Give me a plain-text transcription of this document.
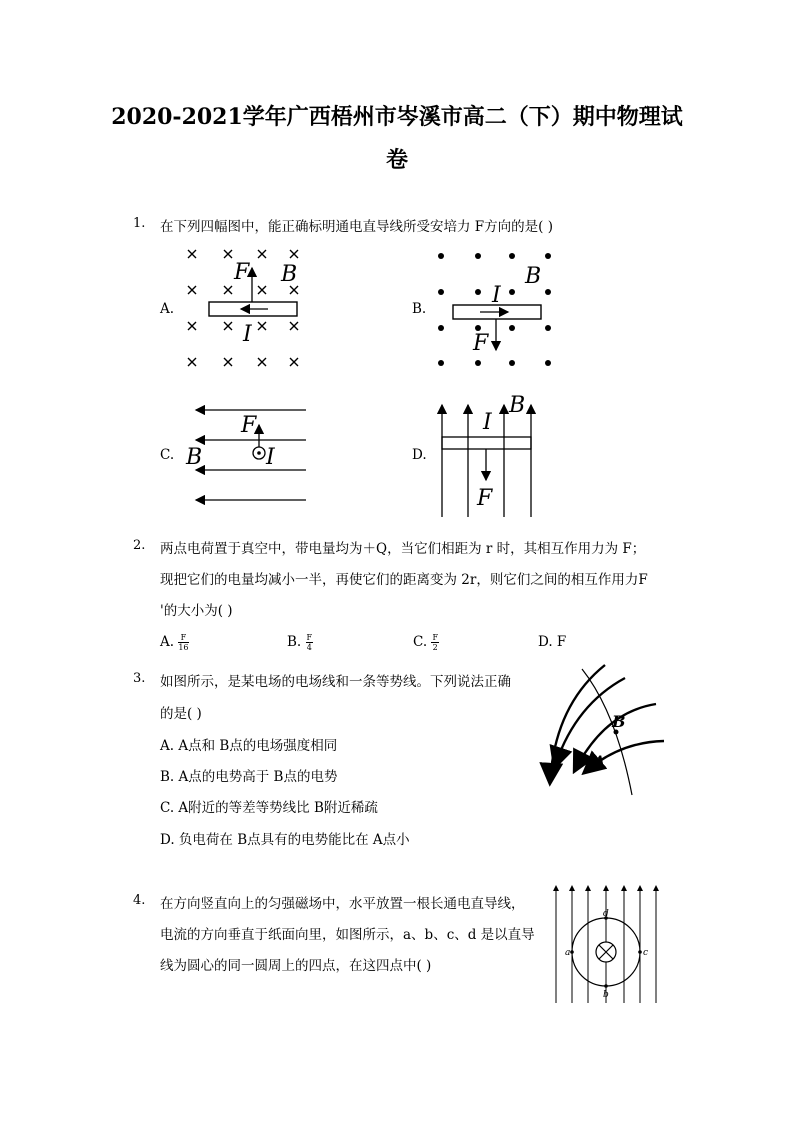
2020-2021学年广西梧州市岑溪市高二（下）期中物理试
卷
1. 在下列四幅图中，能正确标明通电直导线所受安培力 F方向的是( )
A.	B.
C.	D.
F B
I
I
B
F
F
B	I
I
B
F
2. 两点电荷置于真空中，带电量均为＋Q，当它们相距为 r 时，其相互作用力为 F；
现把它们的电量均减小一半，再使它们的距离变为 2r，则它们之间的相互作用力F
'的大小为( )
A. $\frac{F}{16}$	B. $\frac{F}{4}$	C. $\frac{F}{2}$	D. F
3. 如图所示，是某电场的电场线和一条等势线。下列说法正确
的是( )
A. A点和 B点的电场强度相同
B. A点的电势高于 B点的电势
C. A附近的等差等势线比 B附近稀疏
D. 负电荷在 B点具有的电势能比在 A点小
B
A
4. 在方向竖直向上的匀强磁场中，水平放置一根长通电直导线，
电流的方向垂直于纸面向里，如图所示，a、b、c、d 是以直导
线为圆心的同一圆周上的四点，在这四点中( )
d
b
a	c
